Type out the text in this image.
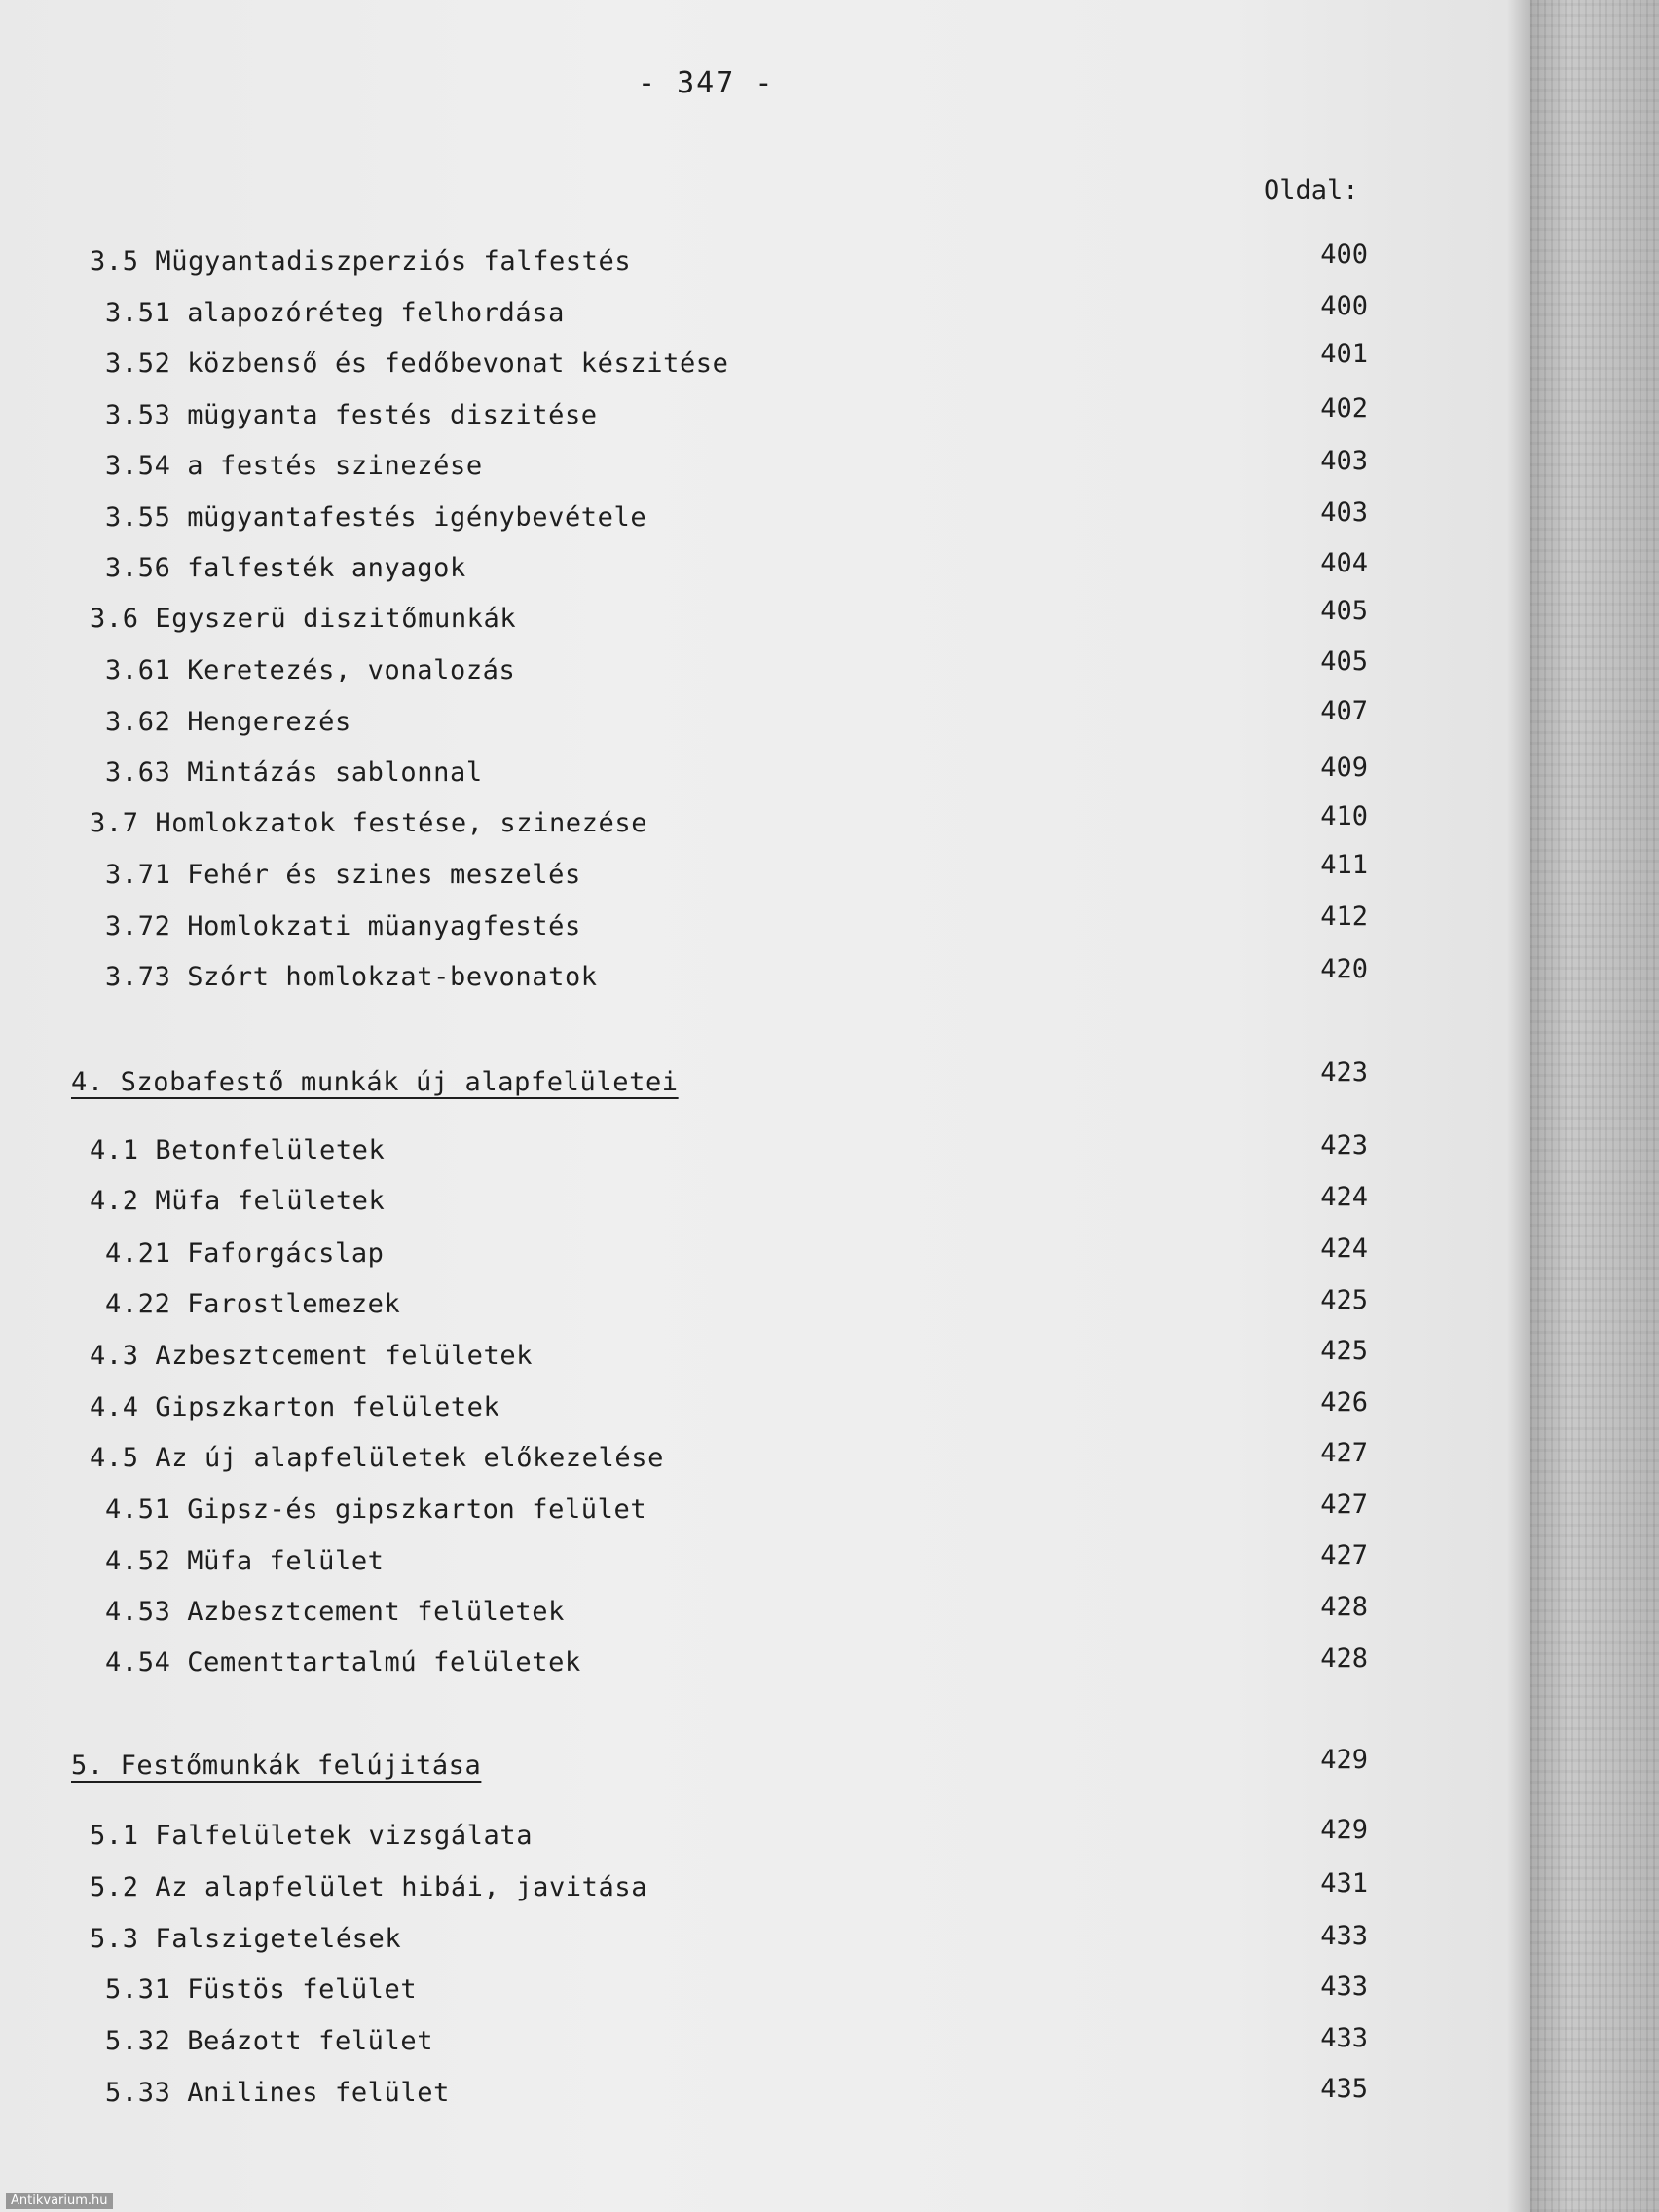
- 347 -
Oldal:
3.5 Mügyantadiszperziós falfestés	400
3.51 alapozóréteg felhordása	400
3.52 közbenső és fedőbevonat készitése	401
3.53 mügyanta festés diszitése	402
3.54 a festés szinezése	403
3.55 mügyantafestés igénybevétele	403
3.56 falfesték anyagok	404
3.6 Egyszerü diszitőmunkák	405
3.61 Keretezés, vonalozás	405
3.62 Hengerezés	407
3.63 Mintázás sablonnal	409
3.7 Homlokzatok festése, szinezése	410
3.71 Fehér és szines meszelés	411
3.72 Homlokzati müanyagfestés	412
3.73 Szórt homlokzat-bevonatok	420
4. Szobafestő munkák új alapfelületei	423
4.1 Betonfelületek	423
4.2 Müfa felületek	424
4.21 Faforgácslap	424
4.22 Farostlemezek	425
4.3 Azbesztcement felületek	425
4.4 Gipszkarton felületek	426
4.5 Az új alapfelületek előkezelése	427
4.51 Gipsz-és gipszkarton felület	427
4.52 Müfa felület	427
4.53 Azbesztcement felületek	428
4.54 Cementtartalmú felületek	428
5. Festőmunkák felújitása	429
5.1 Falfelületek vizsgálata	429
5.2 Az alapfelület hibái, javitása	431
5.3 Falszigetelések	433
5.31 Füstös felület	433
5.32 Beázott felület	433
5.33 Anilines felület	435
Antikvarium.hu
